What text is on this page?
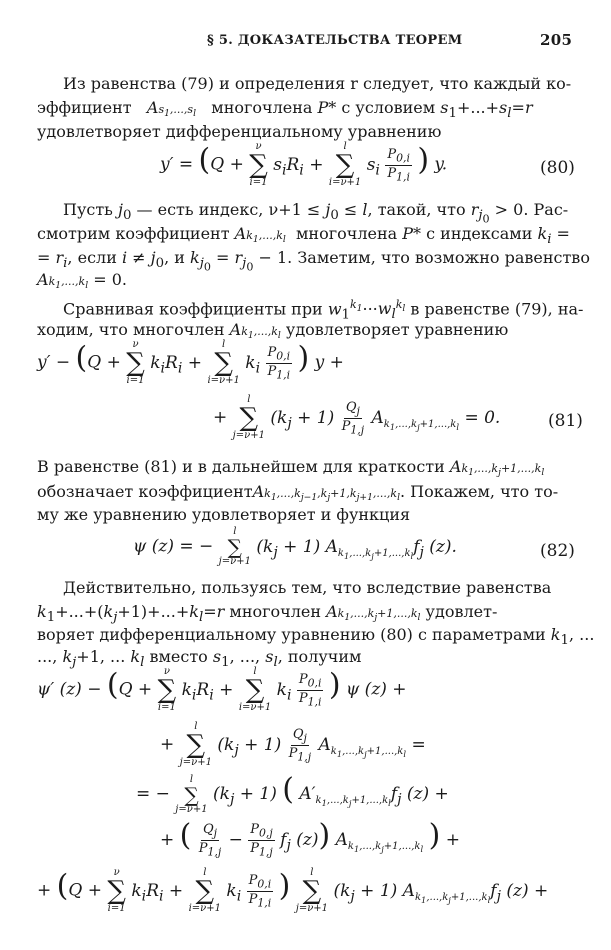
§ 5. ДОКАЗАТЕЛЬСТВА ТЕОРЕМ	205
Из равенства (79) и определения r следует, что каждый ко-
эффициент   $As_1,...,s_l$   многочлена P* с условием $s_1+...+s_l=r$
удовлетворяет дифференциальному уравнению
y′ = (Q +
ν
∑
i=1
$s_iR_i$ +
l
∑
i=ν+1
$s_i \frac{P_{0,i}}{P_{1,i}}$ ) y.	(80)
Пусть $j_0$ — есть индекс, $\nu+1 \le j_0 \le l$, такой, что $r_{j_0} > 0$. Рас-
смотрим коэффициент $Ak_1,...,k_l$  многочлена P* с индексами $k_i$ =
= $r_i$, если $i \ne j_0$, и $k_{j_0} = r_{j_0} - 1$. Заметим, что возможно равенство
$Ak_1,...,k_l = 0$.
Сравнивая коэффициенты при $w_1^{k_1}\cdot\cdot\cdot w_l^{k_l}$ в равенстве (79), на-
ходим, что многочлен $Ak_1,...,k_l$ удовлетворяет уравнению
y′ − (Q +
ν
∑
i=1
$k_iR_i$ +
l
∑
i=ν+1
$k_i \frac{P_{0,i}}{P_{1,i}}$ ) y +
+
l
∑
j=ν+1
$(k_j + 1) \frac{Q_j}{P_{1,j}} A_{k_1,...,k_j+1,...,k_l} = 0$.	(81)
В равенстве (81) и в дальнейшем для краткости $Ak_1,...,k_j+1,...,k_l$
обозначает $коэффициентAk_1,...,k_{j-1},k_j+1,k_{j+1},...,k_l$. Покажем, что то-
му же уравнению удовлетворяет и функция
ψ (z) = −
l
∑
j=ν+1
$(k_j + 1)$ $A_{k_1,...,k_j+1,...,k_l}f_j$ (z).	(82)
Действительно, пользуясь тем, что вследствие равенства
$k_1+...+(k_j+1)+...+k_l=r$ многочлен $Ak_1,...,k_j+1,...,k_l$ удовлет-
воряет дифференциальному уравнению (80) с параметрами $k_1$, ...
..., $k_j+1$, ... $k_l$ вместо $s_1$, ..., $s_l$, получим
ψ′ (z) − (Q +
ν
∑
i=1
$k_iR_i$ +
l
∑
i=ν+1
$k_i \frac{P_{0,i}}{P_{1,i}}$ ) ψ (z) +
+
l
∑
j=ν+1
$(k_j + 1) \frac{Q_j}{P_{1,j}} A_{k_1,...,k_j+1,...,k_l}$ =
= −
l
∑
j=ν+1
$(k_j + 1)$ ( $A'_{k_1,...,k_j+1,...,k_l}f_j$ (z) +
+ ( $\frac{Q_j}{P_{1,j}} - \frac{P_{0,j}}{P_{1,j}} f_j$ (z)) $A_{k_1,...,k_j+1,...,k_l}$ ) +
+ (Q +
ν
∑
i=1
$k_iR_i$ +
l
∑
i=ν+1
$k_i \frac{P_{0,i}}{P_{1,i}}$ ) l
∑
j=ν+1
$(k_j + 1)$ $A_{k_1,...,k_j+1,...,k_l}f_j$ (z) +
